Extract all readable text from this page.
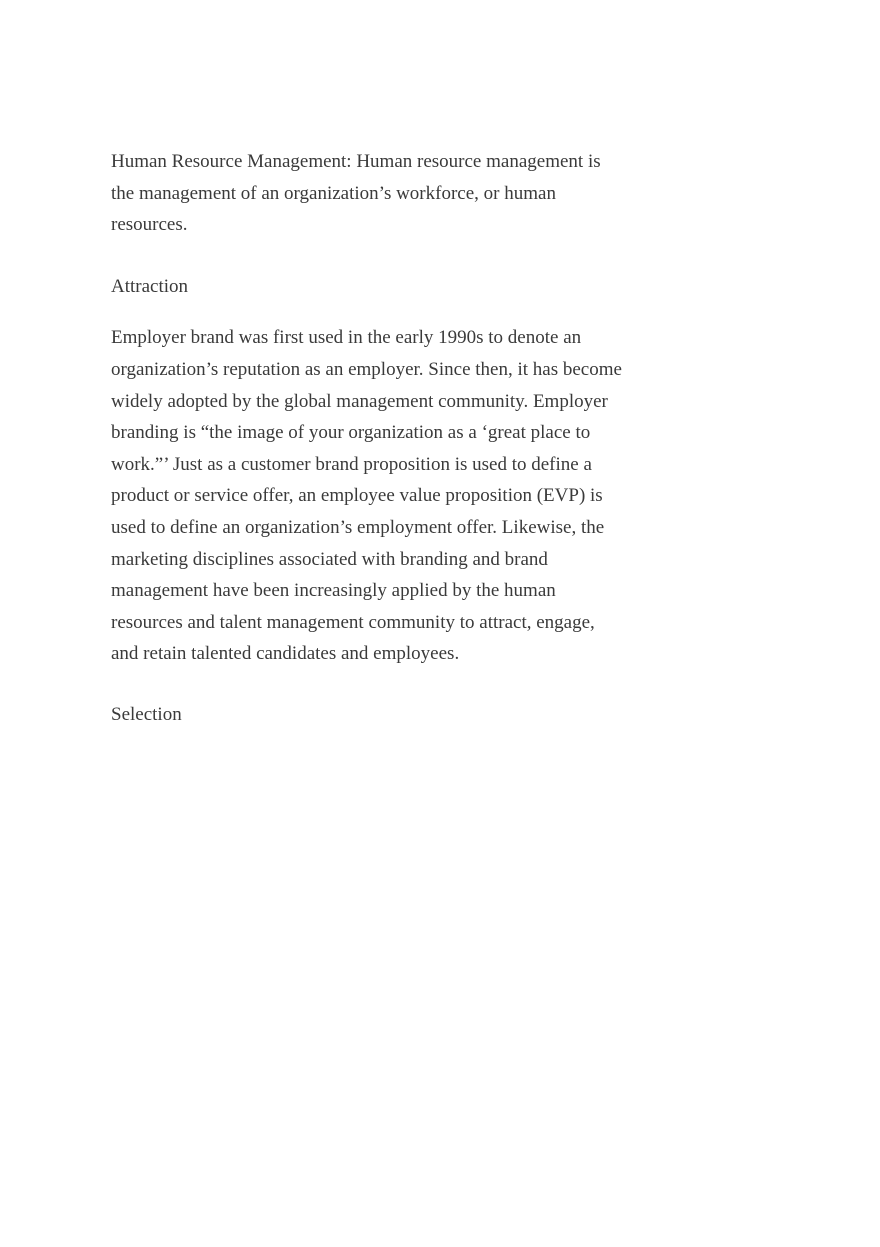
Human Resource Management: Human resource management is
the management of an organization’s workforce, or human
resources.

Attraction

Employer brand was first used in the early 1990s to denote an
organization’s reputation as an employer. Since then, it has become
widely adopted by the global management community. Employer
branding is “the image of your organization as a ‘great place to
work.”’ Just as a customer brand proposition is used to define a
product or service offer, an employee value proposition (EVP) is
used to define an organization’s employment offer. Likewise, the
marketing disciplines associated with branding and brand
management have been increasingly applied by the human
resources and talent management community to attract, engage,
and retain talented candidates and employees.

Selection
